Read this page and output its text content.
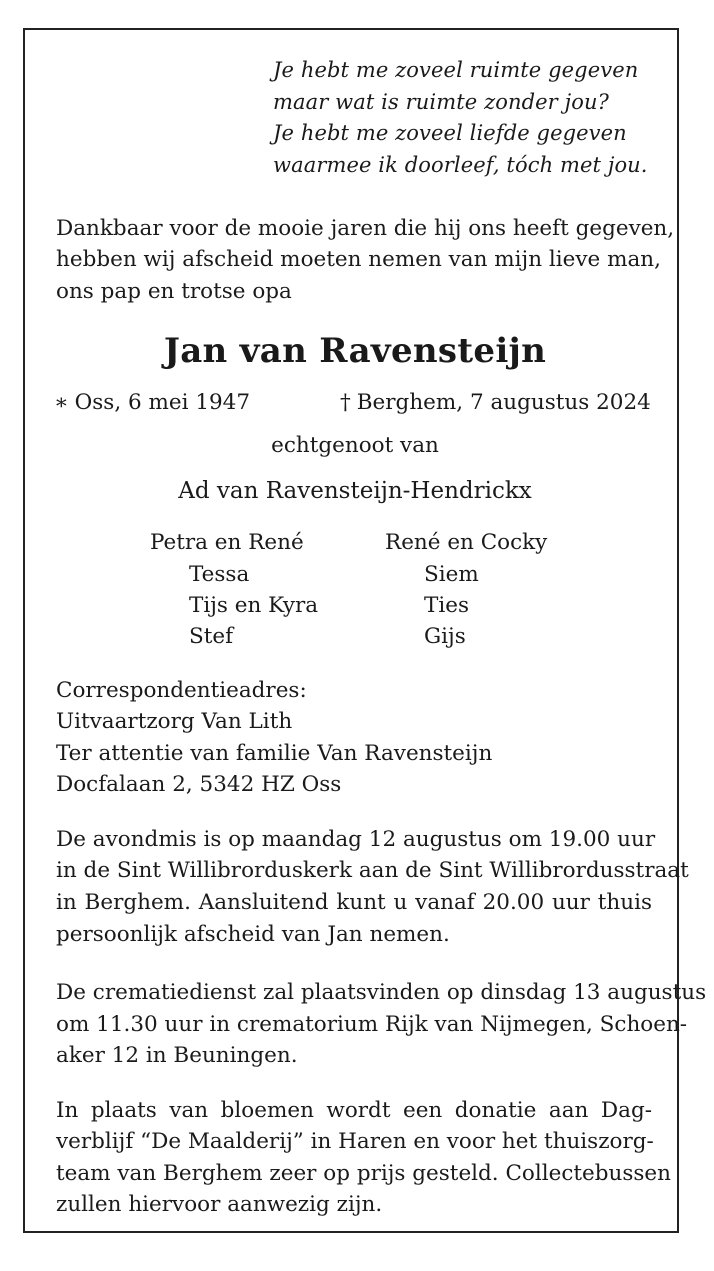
Je hebt me zoveel ruimte gegeven
maar wat is ruimte zonder jou?
Je hebt me zoveel liefde gegeven
waarmee ik doorleef, tóch met jou.
Dankbaar voor de mooie jaren die hij ons heeft gegeven,
hebben wij afscheid moeten nemen van mijn lieve man,
ons pap en trotse opa
Jan van Ravensteijn
∗ Oss, 6 mei 1947	† Berghem, 7 augustus 2024
echtgenoot van
Ad van Ravensteijn-Hendrickx
Petra en René
Tessa
Tijs en Kyra
Stef
René en Cocky
Siem
Ties
Gijs
Correspondentieadres:
Uitvaartzorg Van Lith
Ter attentie van familie Van Ravensteijn
Docfalaan 2, 5342 HZ Oss
De avondmis is op maandag 12 augustus om 19.00 uur
in de Sint Willibrorduskerk aan de Sint Willibrordusstraat
in Berghem. Aansluitend kunt u vanaf 20.00 uur thuis
persoonlijk afscheid van Jan nemen.
De crematiedienst zal plaatsvinden op dinsdag 13 augustus
om 11.30 uur in crematorium Rijk van Nijmegen, Schoen-
aker 12 in Beuningen.
In plaats van bloemen wordt een donatie aan Dag-
verblijf “De Maalderij” in Haren en voor het thuiszorg-
team van Berghem zeer op prijs gesteld. Collectebussen
zullen hiervoor aanwezig zijn.
